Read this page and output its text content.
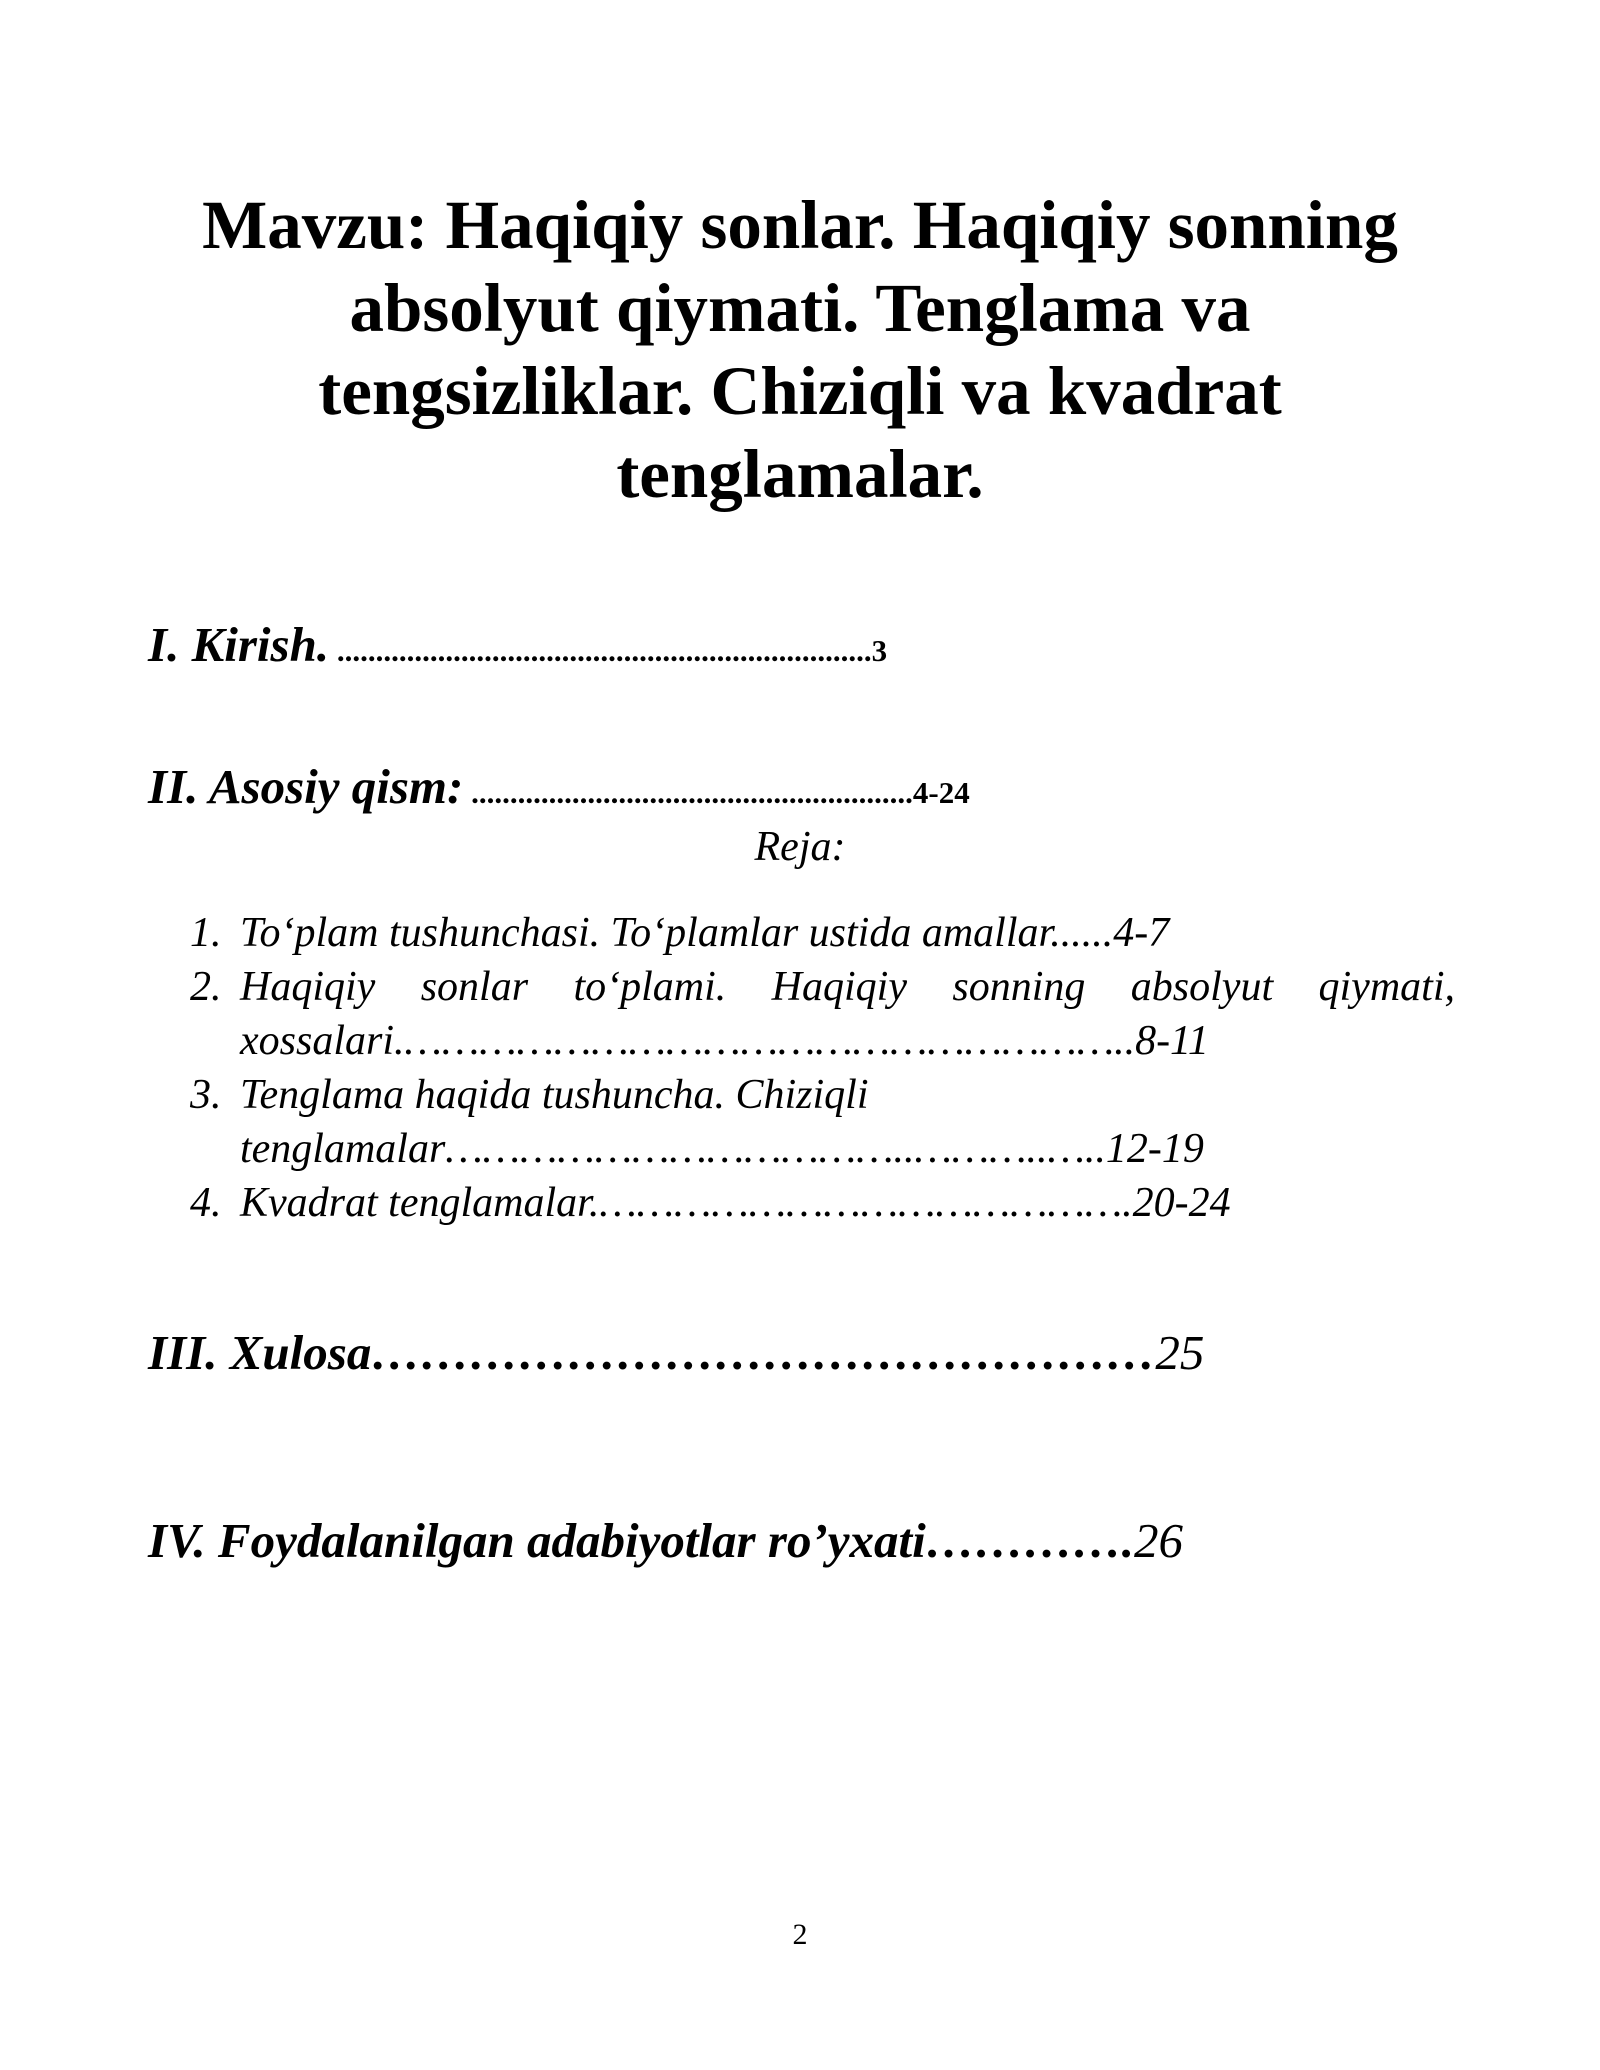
Mavzu: Haqiqiy sonlar. Haqiqiy sonning
absolyut qiymati. Tenglama va
tengsizliklar. Chiziqli va kvadrat
tenglamalar.
I. Kirish. .....................................................................3
II. Asosiy qism: .........................................................4-24
Reja:
1. To‘plam tushunchasi. To‘plamlar ustida amallar......4-7
2. Haqiqiy sonlar to‘plami. Haqiqiy sonning absolyut qiymati,
xossalari.…………………………………………………..8-11
3. Tenglama haqida tushuncha. Chiziqli
tenglamalar………………………………..………..…..12-19
4. Kvadrat tenglamalar.…………………………………….20-24
III. Xulosa…………………………………………25
IV. Foydalanilgan adabiyotlar ro’yxati………….26
2
